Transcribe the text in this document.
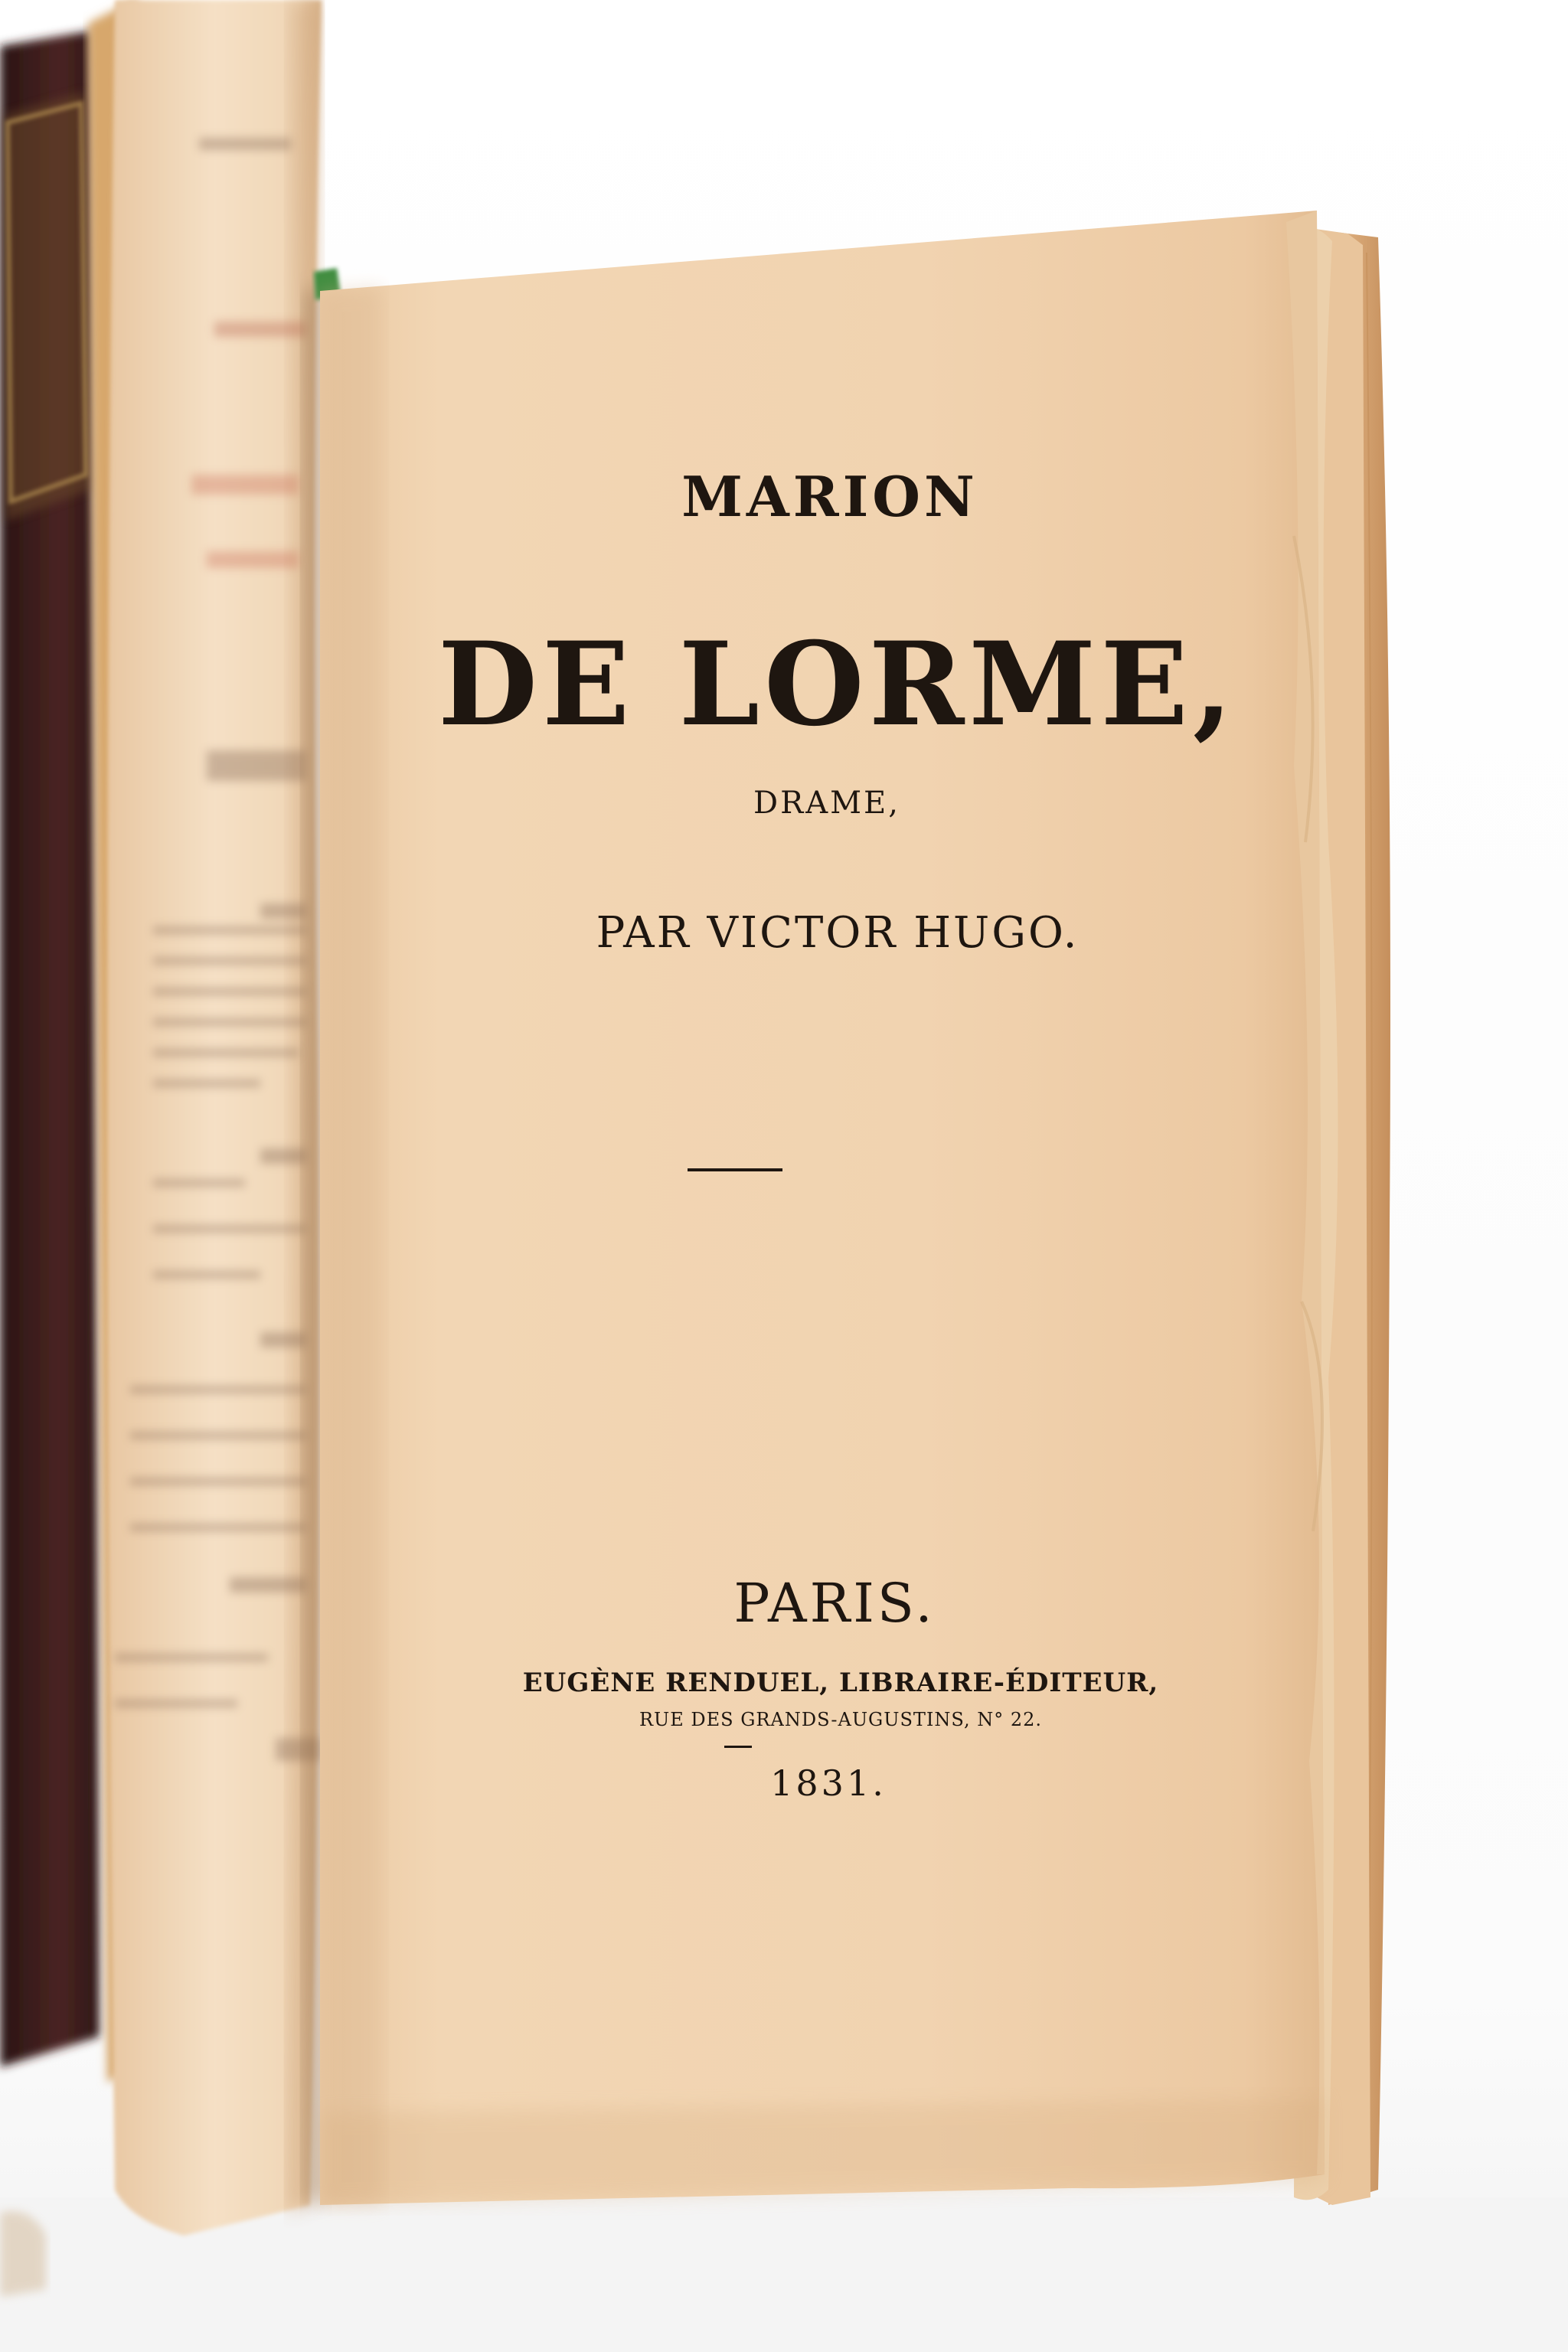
MARION
DE LORME,
DRAME,
PAR VICTOR HUGO.
PARIS.
EUGÈNE RENDUEL, LIBRAIRE-ÉDITEUR,
RUE DES GRANDS-AUGUSTINS, N° 22.
1831.
